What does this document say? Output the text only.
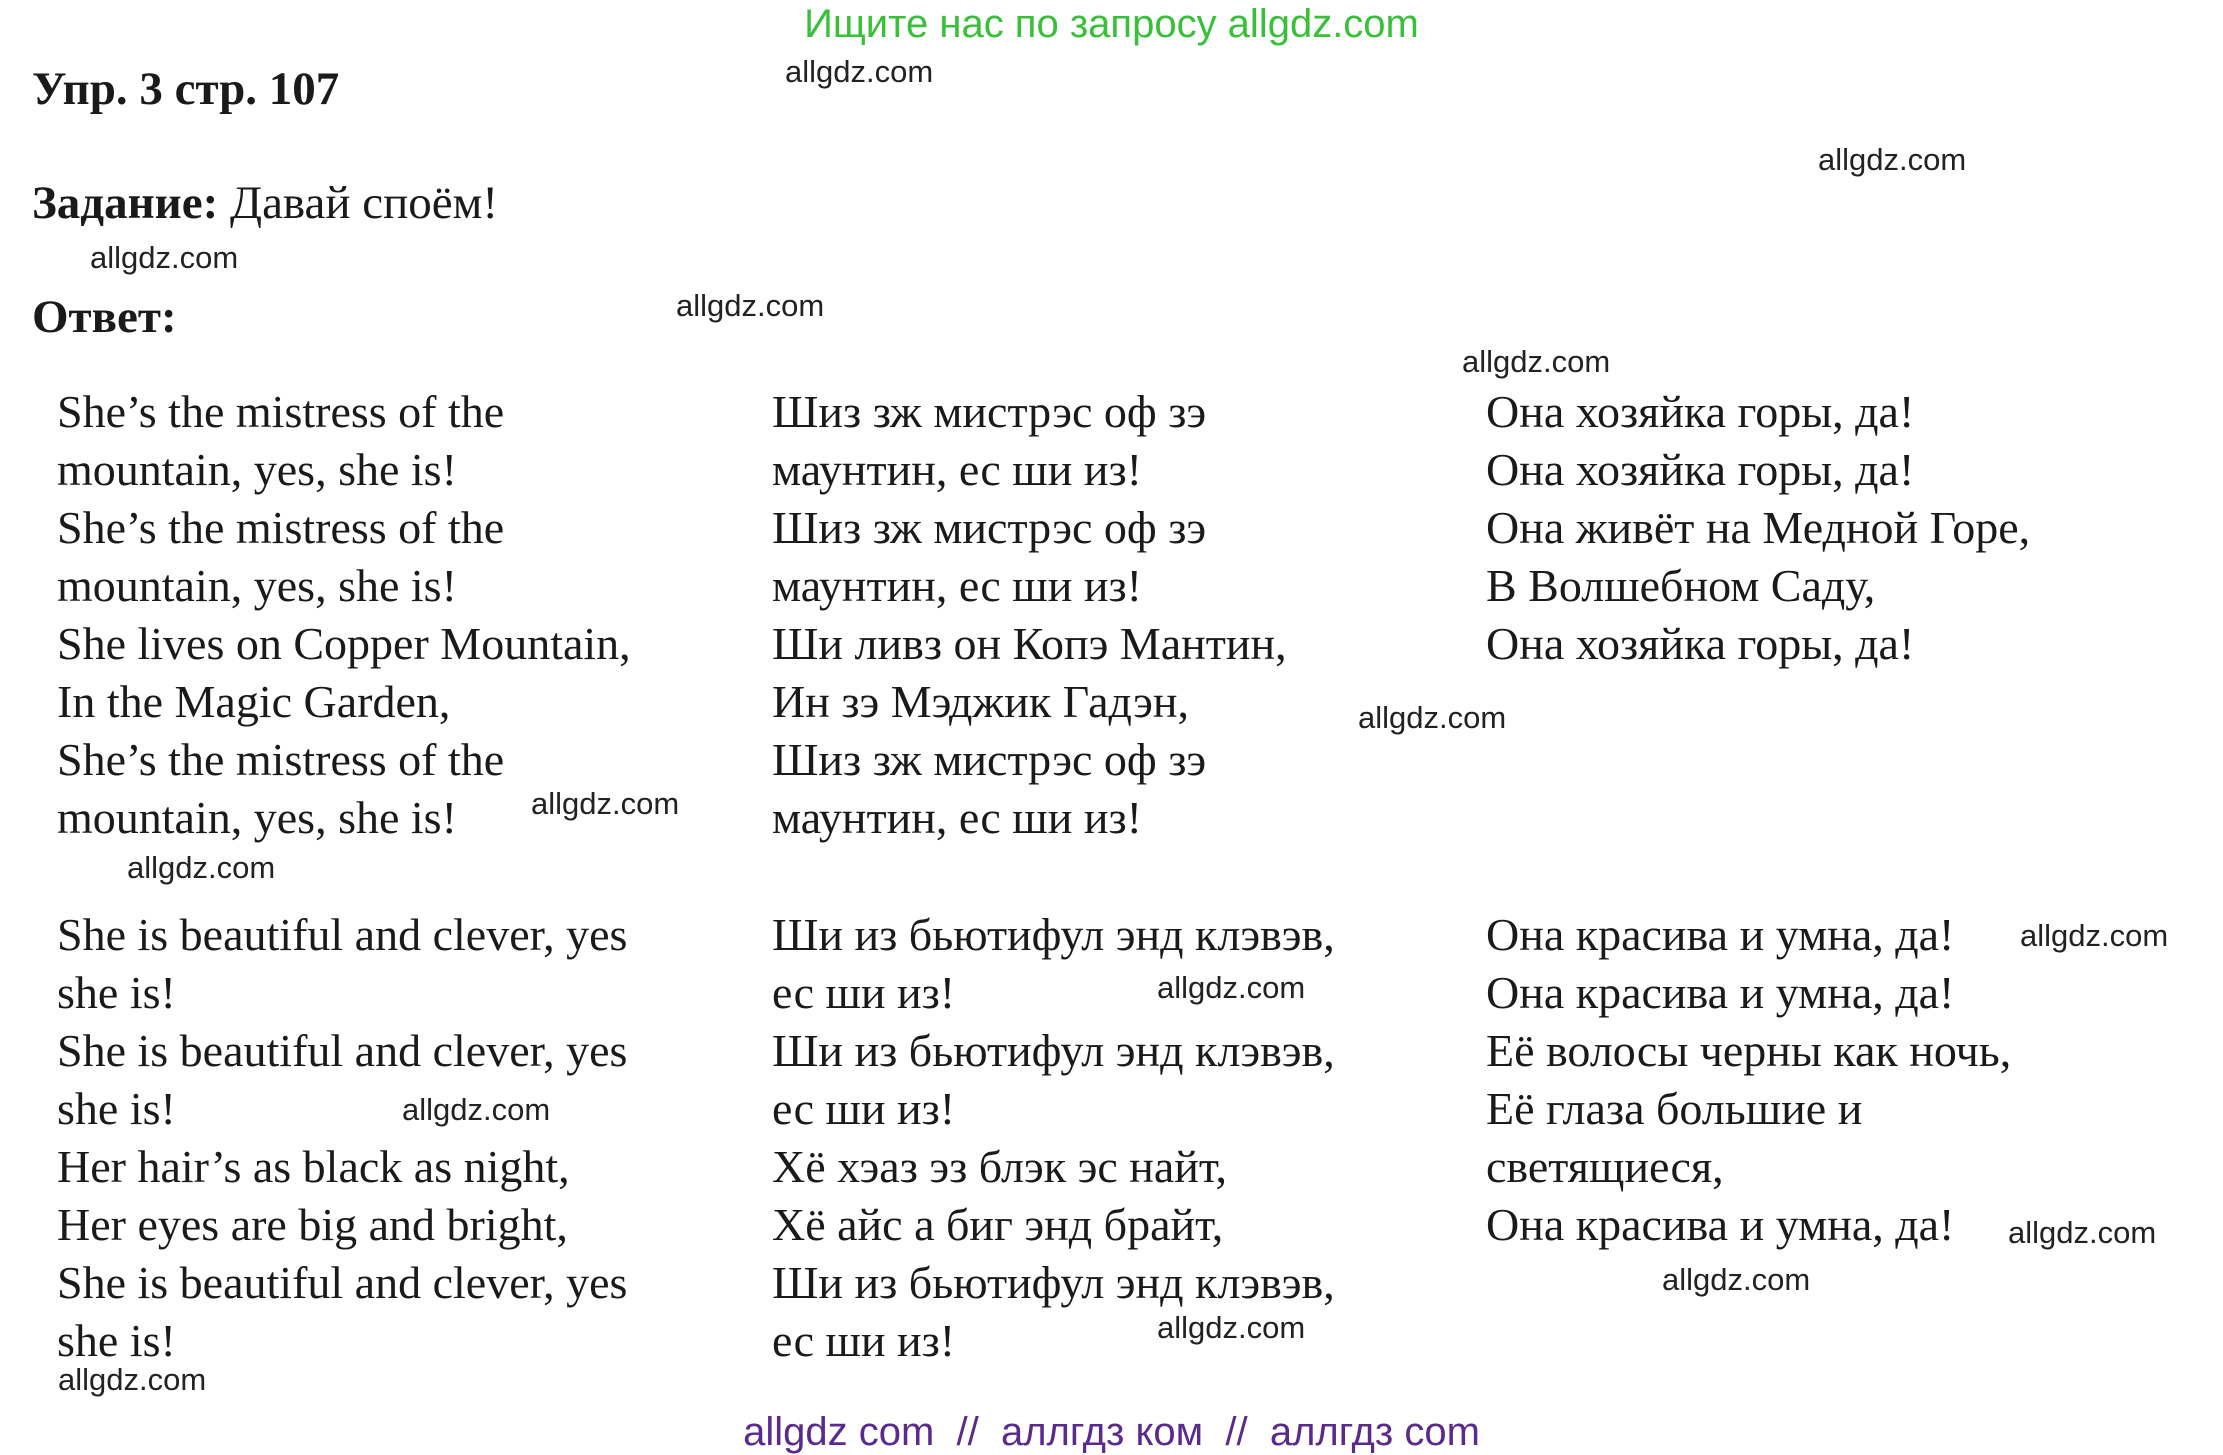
Ищите нас по запросу allgdz.com
Упр. 3 стр. 107
Задание: Давай споём!
Ответ:
She’s the mistress of the
mountain, yes, she is!
She’s the mistress of the
mountain, yes, she is!
She lives on Copper Mountain,
In the Magic Garden,
She’s the mistress of the
mountain, yes, she is!
Шиз зж мистрэс оф зэ
маунтин, ес ши из!
Шиз зж мистрэс оф зэ
маунтин, ес ши из!
Ши ливз он Копэ Мантин,
Ин зэ Мэджик Гадэн,
Шиз зж мистрэс оф зэ
маунтин, ес ши из!
Она хозяйка горы, да!
Она хозяйка горы, да!
Она живёт на Медной Горе,
В Волшебном Саду,
Она хозяйка горы, да!
She is beautiful and clever, yes
she is!
She is beautiful and clever, yes
she is!
Her hair’s as black as night,
Her eyes are big and bright,
She is beautiful and clever, yes
she is!
Ши из бьютифул энд клэвэв,
ес ши из!
Ши из бьютифул энд клэвэв,
ес ши из!
Хё хэаз эз блэк эс найт,
Хё айс а биг энд брайт,
Ши из бьютифул энд клэвэв,
ес ши из!
Она красива и умна, да!
Она красива и умна, да!
Её волосы черны как ночь,
Её глаза большие и
светящиеся,
Она красива и умна, да!
allgdz.com
allgdz.com
allgdz.com
allgdz.com
allgdz.com
allgdz.com
allgdz.com
allgdz.com
allgdz.com
allgdz.com
allgdz.com
allgdz.com
allgdz.com
allgdz.com
allgdz.com
allgdz com  //  аллгдз ком  //  аллгдз com
